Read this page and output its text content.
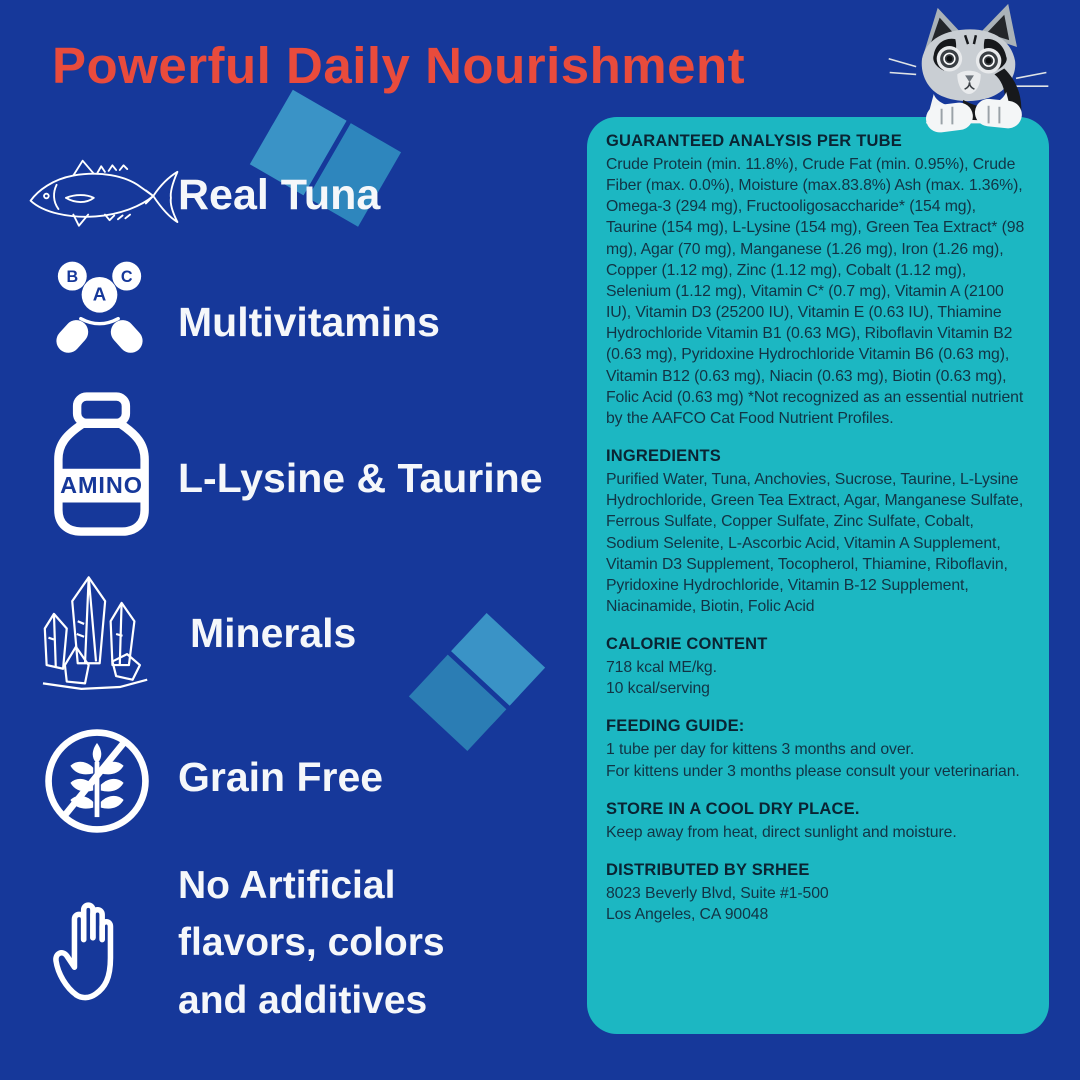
Powerful Daily Nourishment
Real Tuna
B C
A
Multivitamins
AMINO L-Lysine & Taurine
Minerals
Grain Free
No Artificial flavors, colors and additives
GUARANTEED ANALYSIS PER TUBE
Crude Protein (min. 11.8%), Crude Fat (min. 0.95%), Crude Fiber (max. 0.0%), Moisture (max.83.8%) Ash (max. 1.36%), Omega-3 (294 mg), Fructooligosaccharide* (154 mg), Taurine (154 mg), L-Lysine (154 mg), Green Tea Extract* (98 mg), Agar (70 mg), Manganese (1.26 mg), Iron (1.26 mg), Copper (1.12 mg), Zinc (1.12 mg), Cobalt (1.12 mg), Selenium (1.12 mg), Vitamin C* (0.7 mg), Vitamin A (2100 IU), Vitamin D3 (25200 IU), Vitamin E (0.63 IU), Thiamine Hydrochloride Vitamin B1 (0.63 MG), Riboflavin Vitamin B2 (0.63 mg), Pyridoxine Hydrochloride Vitamin B6 (0.63 mg), Vitamin B12 (0.63 mg), Niacin (0.63 mg), Biotin (0.63 mg), Folic Acid (0.63 mg) *Not recognized as an essential nutrient by the AAFCO Cat Food Nutrient Profiles.
INGREDIENTS
Purified Water, Tuna, Anchovies, Sucrose, Taurine, L-Lysine Hydrochloride, Green Tea Extract, Agar, Manganese Sulfate, Ferrous Sulfate, Copper Sulfate, Zinc Sulfate, Cobalt, Sodium Selenite, L-Ascorbic Acid, Vitamin A Supplement, Vitamin D3 Supplement, Tocopherol, Thiamine, Riboflavin, Pyridoxine Hydrochloride, Vitamin B-12 Supplement, Niacinamide, Biotin, Folic Acid
CALORIE CONTENT
718 kcal ME/kg.
10 kcal/serving
FEEDING GUIDE:
1 tube per day for kittens 3 months and over.
For kittens under 3 months please consult your veterinarian.
STORE IN A COOL DRY PLACE.
Keep away from heat, direct sunlight and moisture.
DISTRIBUTED BY SRHEE
8023 Beverly Blvd, Suite #1-500
Los Angeles, CA 90048
